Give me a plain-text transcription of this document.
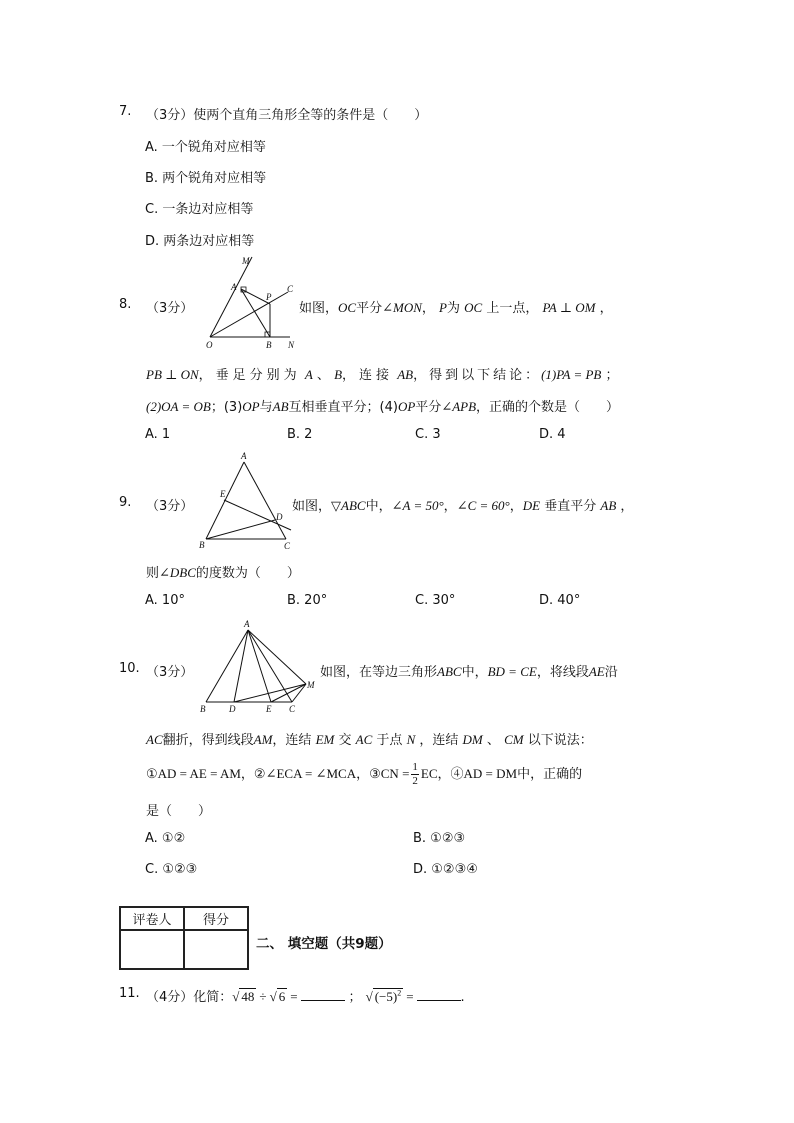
7. （3分）使两个直角三角形全等的条件是（　　）
A. 一个锐角对应相等
B. 两个锐角对应相等
C. 一条边对应相等
D. 两条边对应相等
8. （3分）
M
A
P
C
O	B N
如图，OC平分∠MON， P为 OC 上一点， PA ⊥ OM ，
PB ⊥ ON，垂足分别为 A 、 B，连接 AB，得到以下结论：(1)PA = PB ；
(2)OA = OB；(3)OP与AB互相垂直平分；(4)OP平分∠APB，正确的个数是（　　）
A. 1	B. 2	C. 3	D. 4
9. （3分）
A
E
D
B	C
如图，▽ABC中，∠A = 50°，∠C = 60°，DE 垂直平分 AB ，
则∠DBC的度数为（　　）
A. 10°	B. 20°	C. 30°	D. 40°
10. （3分）
A
M
B	D	E C
如图，在等边三角形ABC中，BD = CE，将线段AE沿
AC翻折，得到线段AM，连结 EM 交 AC 于点 N ，连结 DM 、 CM 以下说法：
①AD = AE = AM，②∠ECA = ∠MCA，③CN = $\frac{1}{2}$ EC，④AD = DM中，正确的
是（　　）
A. ①②	B. ①②③
C. ①②③	D. ①②③④
评卷人	得分

二、 填空题（共9题）
11. （4分）化简：√ 48 ÷ √ 6 =	； √ $(-5)^2$ =	.
